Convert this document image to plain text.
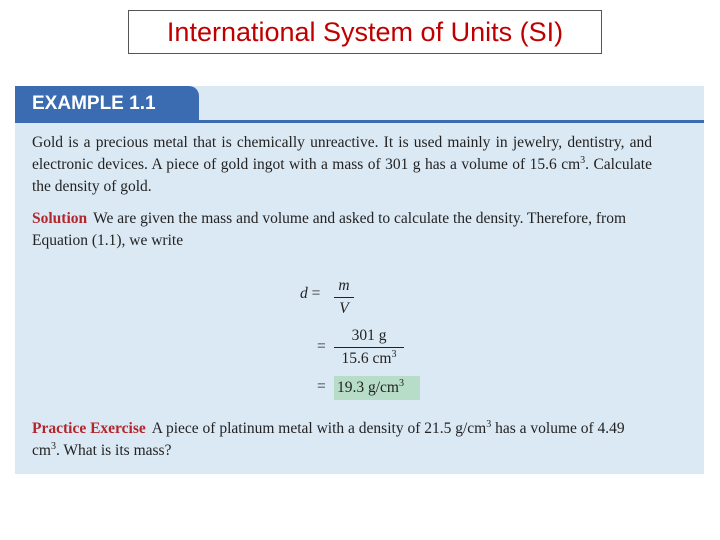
International System of Units (SI)
EXAMPLE 1.1
Gold is a precious metal that is chemically unreactive. It is used mainly in jewelry, dentistry, and electronic devices. A piece of gold ingot with a mass of 301 g has a volume of 15.6 $cm^3$. Calculate the density of gold.
Solution We are given the mass and volume and asked to calculate the density. Therefore, from Equation (1.1), we write
d = m
V
=
301 g
15.6 $cm^3$
= 19.3 $g/cm^3$
Practice Exercise A piece of platinum metal with a density of 21.5 $g/cm^3$ has a volume of 4.49 $cm^3$. What is its mass?
